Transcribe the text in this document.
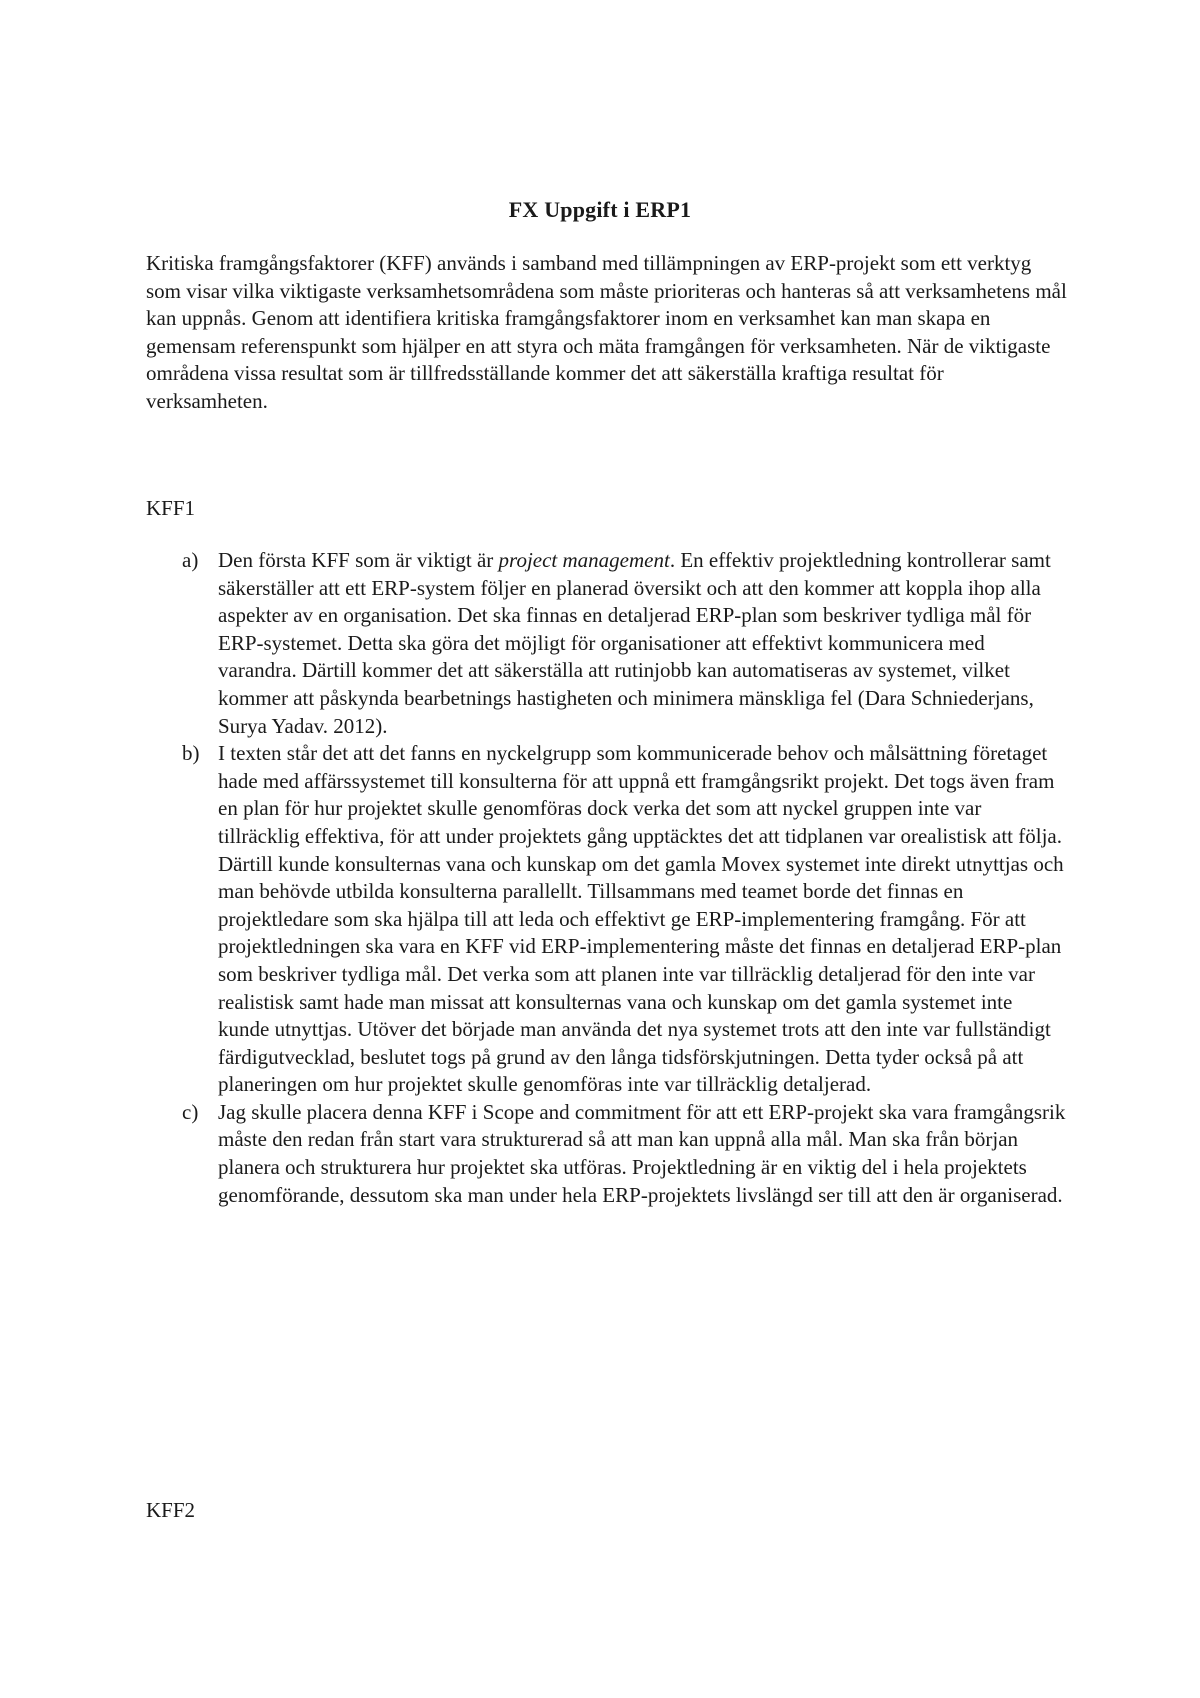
FX Uppgift i ERP1

Kritiska framgångsfaktorer (KFF) används i samband med tillämpningen av ERP-projekt som ett verktyg som visar vilka viktigaste verksamhetsområdena som måste prioriteras och hanteras så att verksamhetens mål kan uppnås. Genom att identifiera kritiska framgångsfaktorer inom en verksamhet kan man skapa en gemensam referenspunkt som hjälper en att styra och mäta framgången för verksamheten. När de viktigaste områdena vissa resultat som är tillfredsställande kommer det att säkerställa kraftiga resultat för verksamheten.

KFF1

a) Den första KFF som är viktigt är project management. En effektiv projektledning kontrollerar samt säkerställer att ett ERP-system följer en planerad översikt och att den kommer att koppla ihop alla aspekter av en organisation. Det ska finnas en detaljerad ERP-plan som beskriver tydliga mål för ERP-systemet. Detta ska göra det möjligt för organisationer att effektivt kommunicera med varandra. Därtill kommer det att säkerställa att rutinjobb kan automatiseras av systemet, vilket kommer att påskynda bearbetnings hastigheten och minimera mänskliga fel (Dara Schniederjans, Surya Yadav. 2012).
b) I texten står det att det fanns en nyckelgrupp som kommunicerade behov och målsättning företaget hade med affärssystemet till konsulterna för att uppnå ett framgångsrikt projekt. Det togs även fram en plan för hur projektet skulle genomföras dock verka det som att nyckel gruppen inte var tillräcklig effektiva, för att under projektets gång upptäcktes det att tidplanen var orealistisk att följa. Därtill kunde konsulternas vana och kunskap om det gamla Movex systemet inte direkt utnyttjas och man behövde utbilda konsulterna parallellt. Tillsammans med teamet borde det finnas en projektledare som ska hjälpa till att leda och effektivt ge ERP-implementering framgång. För att projektledningen ska vara en KFF vid ERP-implementering måste det finnas en detaljerad ERP-plan som beskriver tydliga mål. Det verka som att planen inte var tillräcklig detaljerad för den inte var realistisk samt hade man missat att konsulternas vana och kunskap om det gamla systemet inte kunde utnyttjas. Utöver det började man använda det nya systemet trots att den inte var fullständigt färdigutvecklad, beslutet togs på grund av den långa tidsförskjutningen. Detta tyder också på att planeringen om hur projektet skulle genomföras inte var tillräcklig detaljerad.
c) Jag skulle placera denna KFF i Scope and commitment för att ett ERP-projekt ska vara framgångsrik måste den redan från start vara strukturerad så att man kan uppnå alla mål. Man ska från början planera och strukturera hur projektet ska utföras. Projektledning är en viktig del i hela projektets genomförande, dessutom ska man under hela ERP-projektets livslängd ser till att den är organiserad.

KFF2
